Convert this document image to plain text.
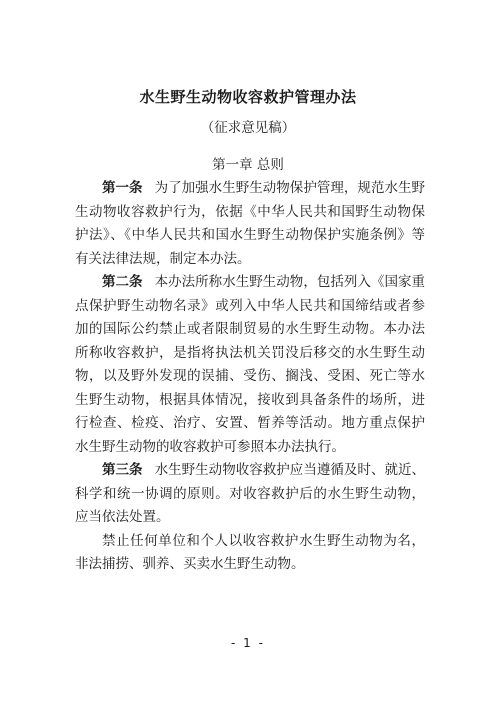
水生野生动物收容救护管理办法
（征求意见稿）
第一章 总则

第一条 为了加强水生野生动物保护管理，规范水生野生动物收容救护行为，依据《中华人民共和国野生动物保护法》、《中华人民共和国水生野生动物保护实施条例》等有关法律法规，制定本办法。

第二条 本办法所称水生野生动物，包括列入《国家重点保护野生动物名录》或列入中华人民共和国缔结或者参加的国际公约禁止或者限制贸易的水生野生动物。本办法所称收容救护，是指将执法机关罚没后移交的水生野生动物，以及野外发现的误捕、受伤、搁浅、受困、死亡等水生野生动物，根据具体情况，接收到具备条件的场所，进行检查、检疫、治疗、安置、暂养等活动。地方重点保护水生野生动物的收容救护可参照本办法执行。

第三条 水生野生动物收容救护应当遵循及时、就近、科学和统一协调的原则。对收容救护后的水生野生动物，应当依法处置。

禁止任何单位和个人以收容救护水生野生动物为名，非法捕捞、驯养、买卖水生野生动物。

- 1 -
